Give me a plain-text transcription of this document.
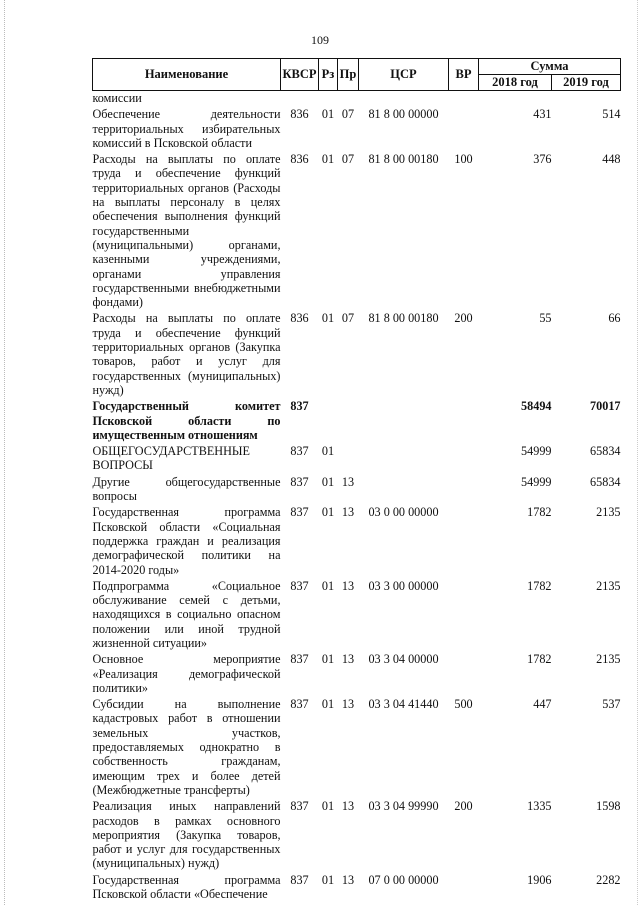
109
Наименование	КВСР	Рз	Пр	ЦСР	ВР	Сумма	
						2018 год	2019 год
комиссии							
Обеспечение деятельности территориальных избирательных комиссий в Псковской области	836	01	07	81 8 00 00000		431	514
Расходы на выплаты по оплате труда и обеспечение функций территориальных органов (Расходы на выплаты персоналу в целях обеспечения выполнения функций государственными (муниципальными) органами, казенными учреждениями, органами управления государственными внебюджетными фондами)	836	01	07	81 8 00 00180	100	376	448
Расходы на выплаты по оплате труда и обеспечение функций территориальных органов (Закупка товаров, работ и услуг для государственных (муниципальных) нужд)	836	01	07	81 8 00 00180	200	55	66
Государственный комитет Псковской области по имущественным отношениям	837					58494	70017
ОБЩЕГОСУДАРСТВЕННЫЕ ВОПРОСЫ	837	01				54999	65834
Другие общегосударственные вопросы	837	01	13			54999	65834
Государственная программа Псковской области «Социальная поддержка граждан и реализация демографической политики на 2014-2020 годы»	837	01	13	03 0 00 00000		1782	2135
Подпрограмма «Социальное обслуживание семей с детьми, находящихся в социально опасном положении или иной трудной жизненной ситуации»	837	01	13	03 3 00 00000		1782	2135
Основное мероприятие «Реализация демографической политики»	837	01	13	03 3 04 00000		1782	2135
Субсидии на выполнение кадастровых работ в отношении земельных участков, предоставляемых однократно в собственность гражданам, имеющим трех и более детей (Межбюджетные трансферты)	837	01	13	03 3 04 41440	500	447	537
Реализация иных направлений расходов в рамках основного мероприятия (Закупка товаров, работ и услуг для государственных (муниципальных) нужд)	837	01	13	03 3 04 99990	200	1335	1598
Государственная программа Псковской области «Обеспечение	837	01	13	07 0 00 00000		1906	2282
